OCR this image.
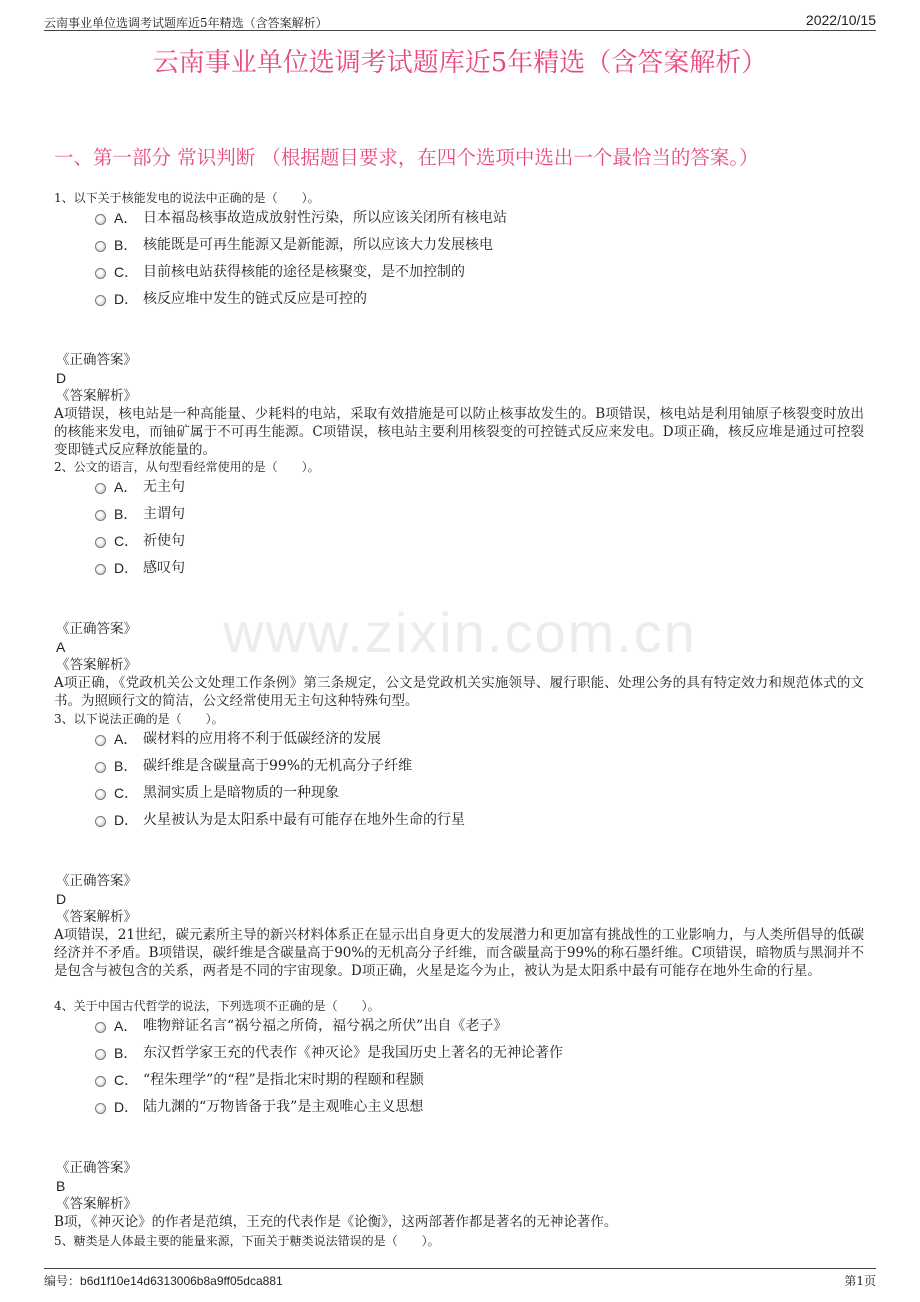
云南事业单位选调考试题库近5年精选（含答案解析）	2022/10/15
云南事业单位选调考试题库近5年精选（含答案解析）
一、第一部分 常识判断 （根据题目要求，在四个选项中选出一个最恰当的答案。）
www.zixin.com.cn
1、以下关于核能发电的说法中正确的是（　　）。
A． 日本福岛核事故造成放射性污染，所以应该关闭所有核电站
B． 核能既是可再生能源又是新能源，所以应该大力发展核电
C． 目前核电站获得核能的途径是核聚变，是不加控制的
D． 核反应堆中发生的链式反应是可控的
《正确答案》
D
《答案解析》
A项错误，核电站是一种高能量、少耗料的电站，采取有效措施是可以防止核事故发生的。B项错误，核电站是利用铀原子核裂变时放出的核能来发电，而铀矿属于不可再生能源。C项错误，核电站主要利用核裂变的可控链式反应来发电。D项正确，核反应堆是通过可控裂变即链式反应释放能量的。
2、公文的语言，从句型看经常使用的是（　　）。
A． 无主句
B． 主谓句
C． 祈使句
D． 感叹句
《正确答案》
A
《答案解析》
A项正确，《党政机关公文处理工作条例》第三条规定，公文是党政机关实施领导、履行职能、处理公务的具有特定效力和规范体式的文书。为照顾行文的简洁，公文经常使用无主句这种特殊句型。
3、以下说法正确的是（　　）。
A． 碳材料的应用将不利于低碳经济的发展
B． 碳纤维是含碳量高于99%的无机高分子纤维
C． 黑洞实质上是暗物质的一种现象
D． 火星被认为是太阳系中最有可能存在地外生命的行星
《正确答案》
D
《答案解析》
A项错误，21世纪，碳元素所主导的新兴材料体系正在显示出自身更大的发展潜力和更加富有挑战性的工业影响力，与人类所倡导的低碳经济并不矛盾。B项错误，碳纤维是含碳量高于90%的无机高分子纤维，而含碳量高于99%的称石墨纤维。C项错误，暗物质与黑洞并不是包含与被包含的关系，两者是不同的宇宙现象。D项正确，火星是迄今为止，被认为是太阳系中最有可能存在地外生命的行星。
4、关于中国古代哲学的说法，下列选项不正确的是（　　）。
A． 唯物辩证名言“祸兮福之所倚，福兮祸之所伏”出自《老子》
B． 东汉哲学家王充的代表作《神灭论》是我国历史上著名的无神论著作
C． “程朱理学”的“程”是指北宋时期的程颐和程颢
D． 陆九渊的“万物皆备于我”是主观唯心主义思想
《正确答案》
B
《答案解析》
B项，《神灭论》的作者是范缜，王充的代表作是《论衡》，这两部著作都是著名的无神论著作。
5、糖类是人体最主要的能量来源，下面关于糖类说法错误的是（　　）。
编号：b6d1f10e14d6313006b8a9ff05dca881	第1页
